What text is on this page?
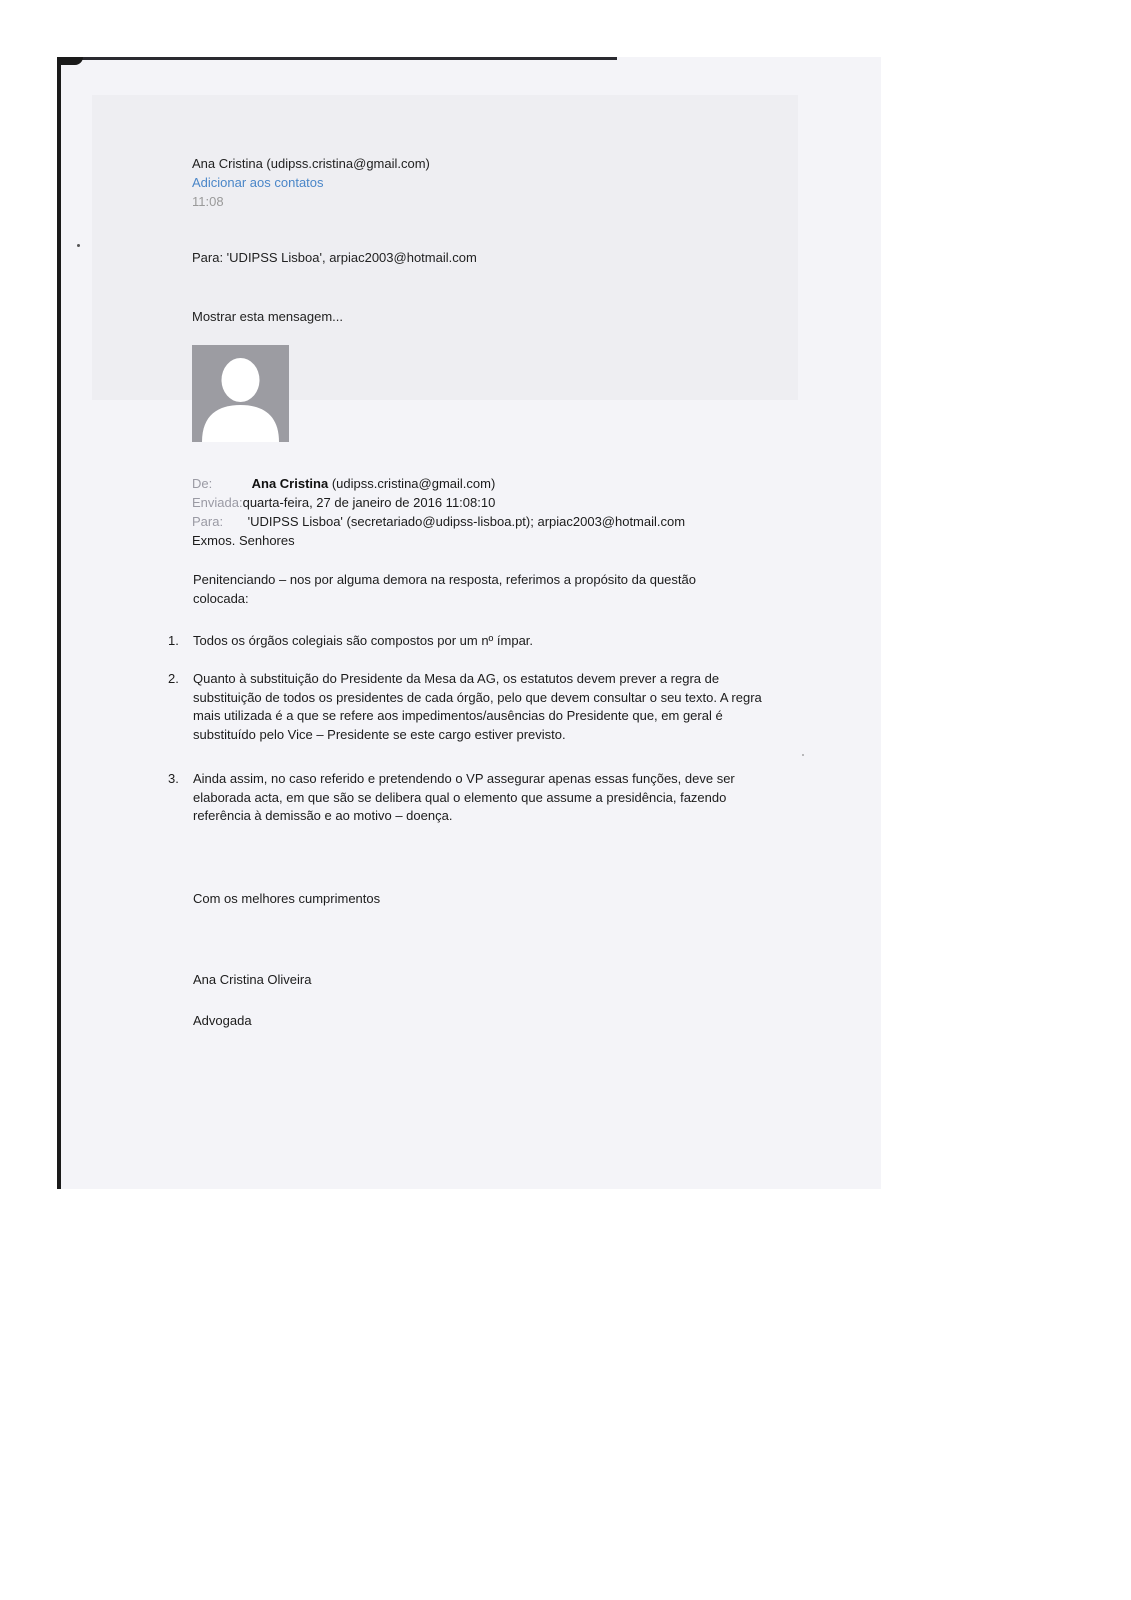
Ana Cristina (udipss.cristina@gmail.com)
Adicionar aos contatos
11:08
Para: 'UDIPSS Lisboa', arpiac2003@hotmail.com
Mostrar esta mensagem...
De:	Ana Cristina (udipss.cristina@gmail.com)
Enviada:quarta-feira, 27 de janeiro de 2016 11:08:10
Para: 'UDIPSS Lisboa' (secretariado@udipss-lisboa.pt); arpiac2003@hotmail.com
Exmos. Senhores
Penitenciando – nos por alguma demora na resposta, referimos a propósito da questão colocada:
1.	Todos os órgãos colegiais são compostos por um nº ímpar.
2.	Quanto à substituição do Presidente da Mesa da AG, os estatutos devem prever a regra de substituição de todos os presidentes de cada órgão, pelo que devem consultar o seu texto. A regra mais utilizada é a que se refere aos impedimentos/ausências do Presidente que, em geral é substituído pelo Vice – Presidente se este cargo estiver previsto.
3.	Ainda assim, no caso referido e pretendendo o VP assegurar apenas essas funções, deve ser elaborada acta, em que são se delibera qual o elemento que assume a presidência, fazendo referência à demissão e ao motivo – doença.
Com os melhores cumprimentos
Ana Cristina Oliveira
Advogada
